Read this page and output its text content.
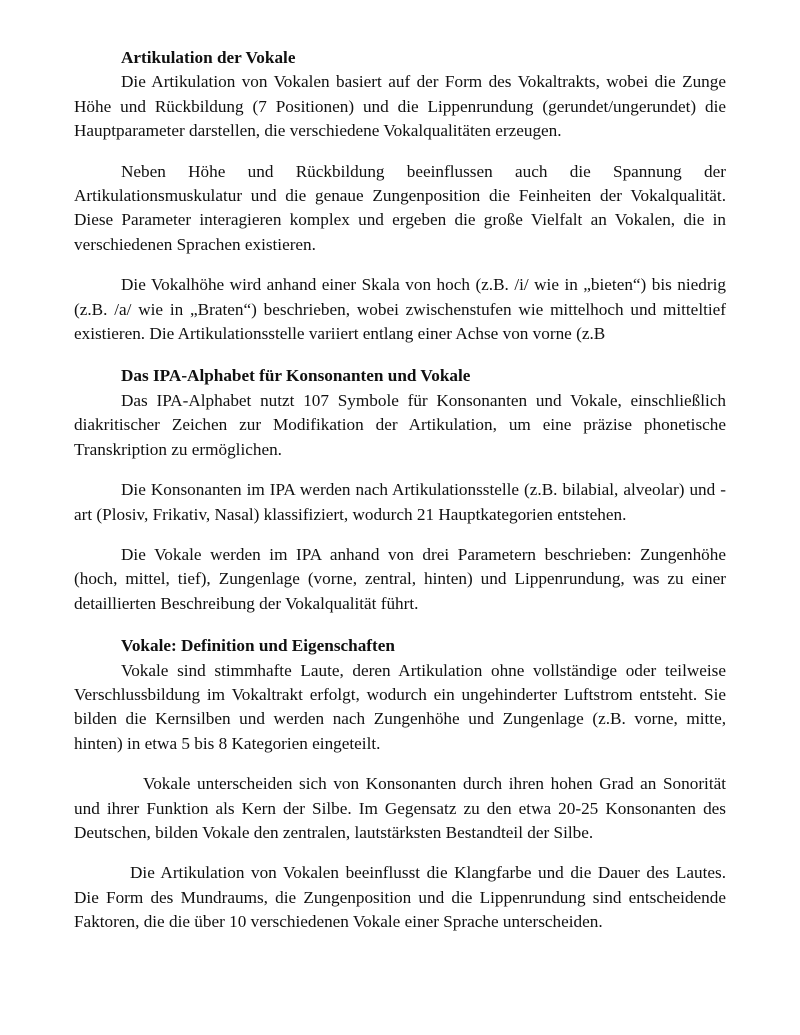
Artikulation der Vokale

Die Artikulation von Vokalen basiert auf der Form des Vokaltrakts, wobei die Zunge Höhe und Rückbildung (7 Positionen) und die Lippenrundung (gerundet/ungerundet) die Hauptparameter darstellen, die verschiedene Vokalqualitäten erzeugen.

Neben Höhe und Rückbildung beeinflussen auch die Spannung der Artikulationsmuskulatur und die genaue Zungenposition die Feinheiten der Vokalqualität. Diese Parameter interagieren komplex und ergeben die große Vielfalt an Vokalen, die in verschiedenen Sprachen existieren.

Die Vokalhöhe wird anhand einer Skala von hoch (z.B. /i/ wie in „bieten“) bis niedrig (z.B. /a/ wie in „Braten“) beschrieben, wobei zwischenstufen wie mittelhoch und mitteltief existieren. Die Artikulationsstelle variiert entlang einer Achse von vorne (z.B

Das IPA-Alphabet für Konsonanten und Vokale

Das IPA-Alphabet nutzt 107 Symbole für Konsonanten und Vokale, einschließlich diakritischer Zeichen zur Modifikation der Artikulation, um eine präzise phonetische Transkription zu ermöglichen.

Die Konsonanten im IPA werden nach Artikulationsstelle (z.B. bilabial, alveolar) und -art (Plosiv, Frikativ, Nasal) klassifiziert, wodurch 21 Hauptkategorien entstehen.

Die Vokale werden im IPA anhand von drei Parametern beschrieben: Zungenhöhe (hoch, mittel, tief), Zungenlage (vorne, zentral, hinten) und Lippenrundung, was zu einer detaillierten Beschreibung der Vokalqualität führt.

Vokale: Definition und Eigenschaften

Vokale sind stimmhafte Laute, deren Artikulation ohne vollständige oder teilweise Verschlussbildung im Vokaltrakt erfolgt, wodurch ein ungehinderter Luftstrom entsteht. Sie bilden die Kernsilben und werden nach Zungenhöhe und Zungenlage (z.B. vorne, mitte, hinten) in etwa 5 bis 8 Kategorien eingeteilt.

Vokale unterscheiden sich von Konsonanten durch ihren hohen Grad an Sonorität und ihrer Funktion als Kern der Silbe. Im Gegensatz zu den etwa 20-25 Konsonanten des Deutschen, bilden Vokale den zentralen, lautstärksten Bestandteil der Silbe.

Die Artikulation von Vokalen beeinflusst die Klangfarbe und die Dauer des Lautes. Die Form des Mundraums, die Zungenposition und die Lippenrundung sind entscheidende Faktoren, die die über 10 verschiedenen Vokale einer Sprache unterscheiden.
